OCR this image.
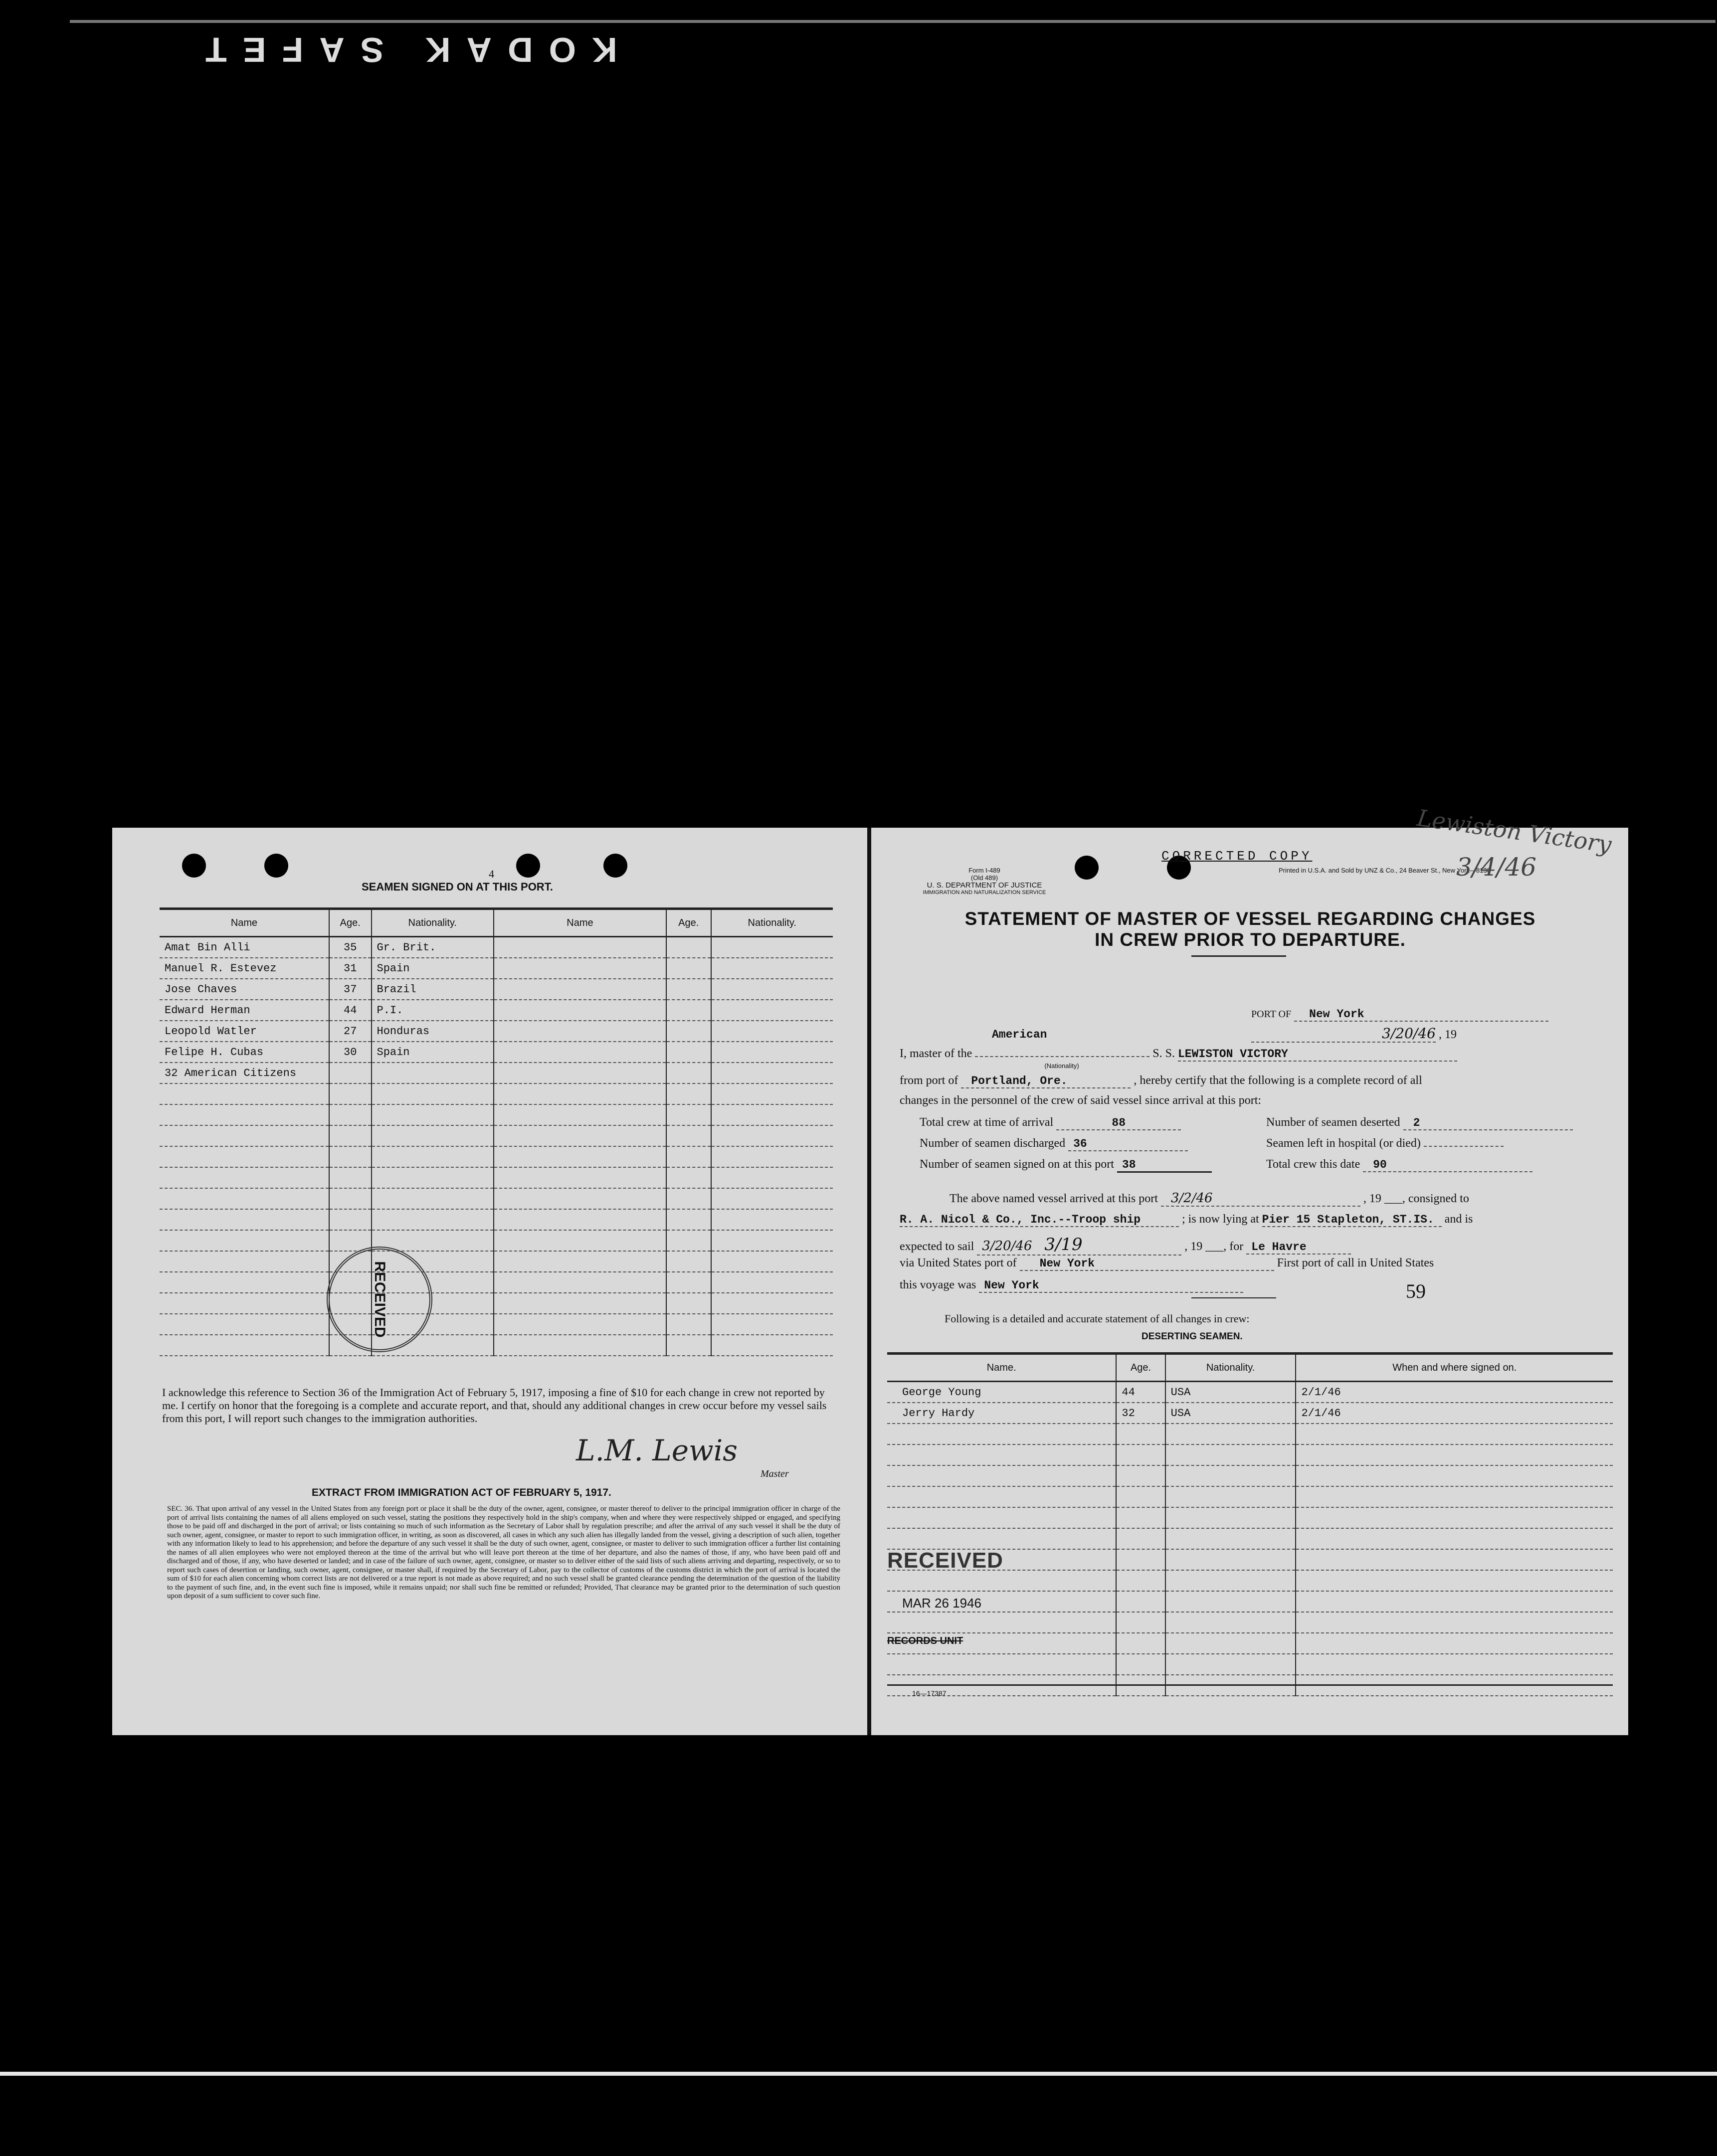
KODAK SAFET
4
SEAMEN SIGNED ON AT THIS PORT.
Name	Age.	Nationality.	Name	Age.	Nationality.
Amat Bin Alli	35	Gr. Brit.			
Manuel R. Estevez	31	Spain			
Jose Chaves	37	Brazil			
Edward Herman	44	P.I.			
Leopold Watler	27	Honduras			
Felipe H. Cubas	30	Spain			
32 American Citizens					

RECEIVED
I acknowledge this reference to Section 36 of the Immigration Act of February 5, 1917, imposing a fine of $10 for each change in crew not reported by me. I certify on honor that the foregoing is a complete and accurate report, and that, should any additional changes in crew occur before my vessel sails from this port, I will report such changes to the immigration authorities.
L.M. Lewis
Master
EXTRACT FROM IMMIGRATION ACT OF FEBRUARY 5, 1917.
SEC. 36. That upon arrival of any vessel in the United States from any foreign port or place it shall be the duty of the owner, agent, consignee, or master thereof to deliver to the principal immigration officer in charge of the port of arrival lists containing the names of all aliens employed on such vessel, stating the positions they respectively hold in the ship's company, when and where they were respectively shipped or engaged, and specifying those to be paid off and discharged in the port of arrival; or lists containing so much of such information as the Secretary of Labor shall by regulation prescribe; and after the arrival of any such vessel it shall be the duty of such owner, agent, consignee, or master to report to such immigration officer, in writing, as soon as discovered, all cases in which any such alien has illegally landed from the vessel, giving a description of such alien, together with any information likely to lead to his apprehension; and before the departure of any such vessel it shall be the duty of such owner, agent, consignee, or master to deliver to such immigration officer a further list containing the names of all alien employees who were not employed thereon at the time of the arrival but who will leave port thereon at the time of her departure, and also the names of those, if any, who have been paid off and discharged and of those, if any, who have deserted or landed; and in case of the failure of such owner, agent, consignee, or master so to deliver either of the said lists of such aliens arriving and departing, respectively, or so to report such cases of desertion or landing, such owner, agent, consignee, or master shall, if required by the Secretary of Labor, pay to the collector of customs of the customs district in which the port of arrival is located the sum of $10 for each alien concerning whom correct lists are not delivered or a true report is not made as above required; and no such vessel shall be granted clearance pending the determination of the question of the liability to the payment of such fine, and, in the event such fine is imposed, while it remains unpaid; nor shall such fine be remitted or refunded; Provided, That clearance may be granted prior to the determination of such question upon deposit of a sum sufficient to cover such fine.
Form I-489
(Old 489)
U. S. DEPARTMENT OF JUSTICE
IMMIGRATION AND NATURALIZATION SERVICE
Printed in U.S.A. and Sold by UNZ & Co., 24 Beaver St., New York—8138
CORRECTED COPY
STATEMENT OF MASTER OF VESSEL REGARDING CHANGES
IN CREW PRIOR TO DEPARTURE.
PORT OF New York
3/20/46 , 19
American
I, master of the	S. S. LEWISTON VICTORY
(Nationality)
from port of Portland, Ore.	, hereby certify that the following is a complete record of all
changes in the personnel of the crew of said vessel since arrival at this port:
Total crew at time of arrival	88	Number of seamen deserted 2
Number of seamen discharged 36	Seamen left in hospital (or died)
Number of seamen signed on at this port 38	Total crew this date 90
The above named vessel arrived at this port 3/2/46	, 19 ___, consigned to
R. A. Nicol & Co., Inc.--Troop ship	; is now lying at Pier 15 Stapleton, ST.IS. and is
expected to sail 3/20/46 3/19	, 19 ___, for Le Havre
via United States port of New York	First port of call in United States
this voyage was New York	59
Following is a detailed and accurate statement of all changes in crew:
DESERTING SEAMEN.
Name.	Age.	Nationality.	When and where signed on.
George Young	44	USA	2/1/46
Jerry Hardy	32	USA	2/1/46

RECEIVED
MAR 26 1946
RECORDS UNIT
16—17387
Lewiston Victory
3/4/46
